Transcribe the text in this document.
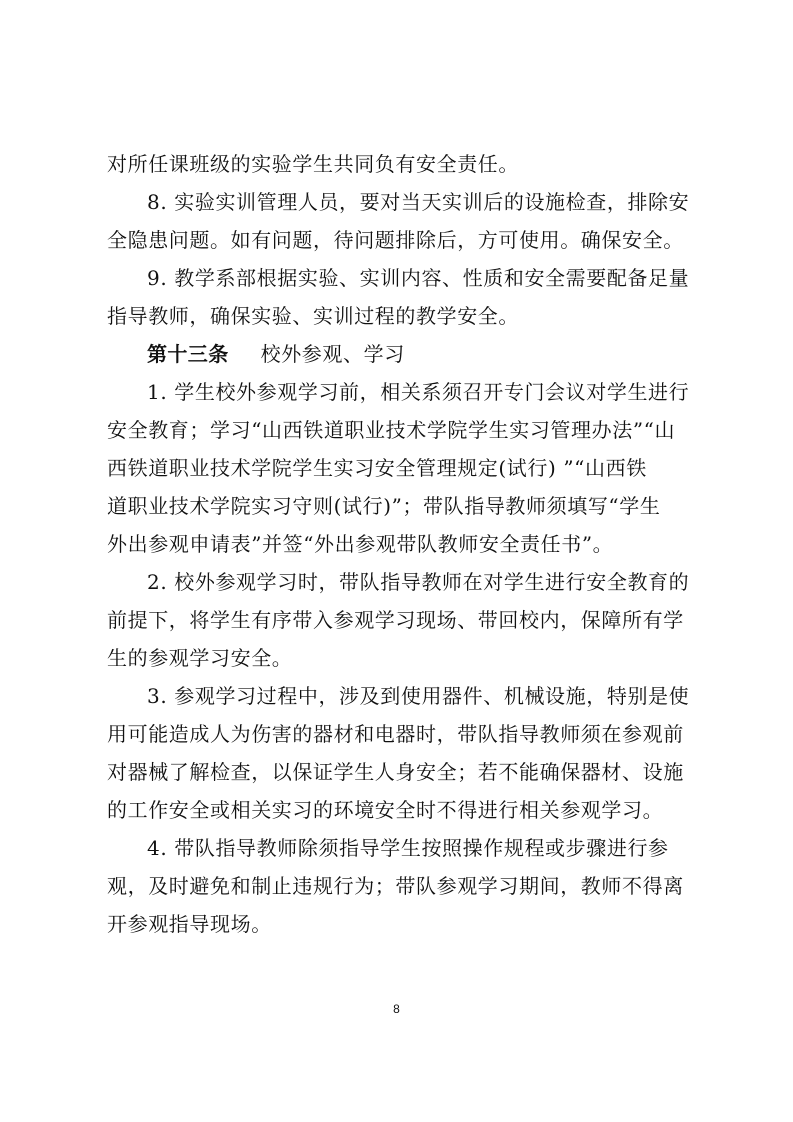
对所任课班级的实验学生共同负有安全责任。
8. 实验实训管理人员，要对当天实训后的设施检查，排除安
全隐患问题。如有问题，待问题排除后，方可使用。确保安全。
9. 教学系部根据实验、实训内容、性质和安全需要配备足量
指导教师，确保实验、实训过程的教学安全。
第十三条 校外参观、学习
1. 学生校外参观学习前，相关系须召开专门会议对学生进行
安全教育；学习“山西铁道职业技术学院学生实习管理办法”“山
西铁道职业技术学院学生实习安全管理规定(试行) ”“山西铁
道职业技术学院实习守则(试行)”；带队指导教师须填写“学生
外出参观申请表”并签“外出参观带队教师安全责任书”。
2. 校外参观学习时，带队指导教师在对学生进行安全教育的
前提下，将学生有序带入参观学习现场、带回校内，保障所有学
生的参观学习安全。
3. 参观学习过程中，涉及到使用器件、机械设施，特别是使
用可能造成人为伤害的器材和电器时，带队指导教师须在参观前
对器械了解检查，以保证学生人身安全；若不能确保器材、设施
的工作安全或相关实习的环境安全时不得进行相关参观学习。
4. 带队指导教师除须指导学生按照操作规程或步骤进行参
观，及时避免和制止违规行为；带队参观学习期间，教师不得离
开参观指导现场。
8
